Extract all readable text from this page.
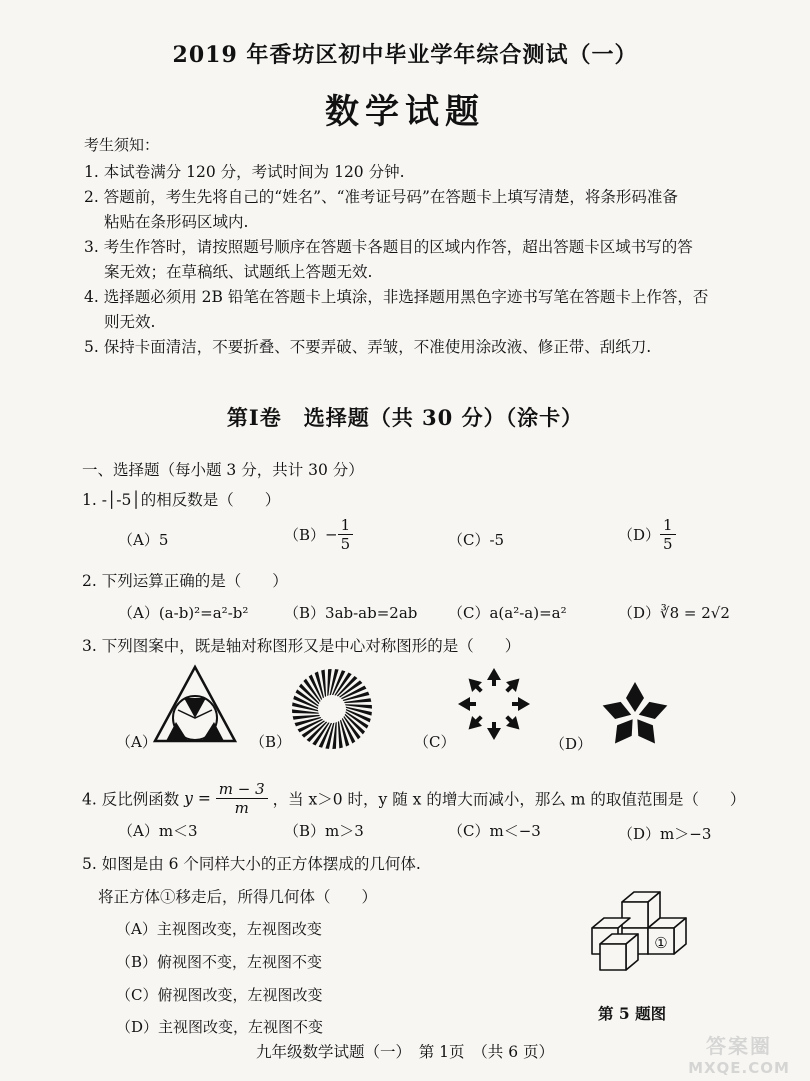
2019 年香坊区初中毕业学年综合测试（一）
数学试题
考生须知：
1. 本试卷满分 120 分，考试时间为 120 分钟.
2. 答题前，考生先将自己的“姓名”、“准考证号码”在答题卡上填写清楚，将条形码准备
粘贴在条形码区域内.
3. 考生作答时，请按照题号顺序在答题卡各题目的区域内作答，超出答题卡区域书写的答
案无效；在草稿纸、试题纸上答题无效.
4. 选择题必须用 2B 铅笔在答题卡上填涂，非选择题用黑色字迹书写笔在答题卡上作答，否
则无效.
5. 保持卡面清洁，不要折叠、不要弄破、弄皱，不准使用涂改液、修正带、刮纸刀.
第Ⅰ卷　选择题（共 30 分）（涂卡）
一、选择题（每小题 3 分，共计 30 分）
1. -│-5│的相反数是（　　）
（A）5	$(B)- \frac{1}{5}$	（C）-5	$(D) \frac{1}{5}$
2. 下列运算正确的是（　　）
（A）(a-b)²=a²-b² （B）3ab-ab=2ab （C）a(a²-a)=a²	（D）∛8 = 2√2
3. 下列图案中，既是轴对称图形又是中心对称图形的是（　　）
（A）	（B）	（C）	（D）
4. 反比例函数 $y = \frac{m - 3}{m}$ ，当 x＞0 时，y 随 x 的增大而减小，那么 m 的取值范围是（　　）
（A）m＜3	（B）m＞3	（C）m＜−3	（D）m＞−3
5. 如图是由 6 个同样大小的正方体摆成的几何体.
将正方体①移走后，所得几何体（　　）
（A）主视图改变，左视图改变
（B）俯视图不变，左视图不变
（C）俯视图改变，左视图改变
（D）主视图改变，左视图不变
①
第 5 题图
九年级数学试题（一）　第 1页　（共 6 页）	答案圈
MXQE.COM
